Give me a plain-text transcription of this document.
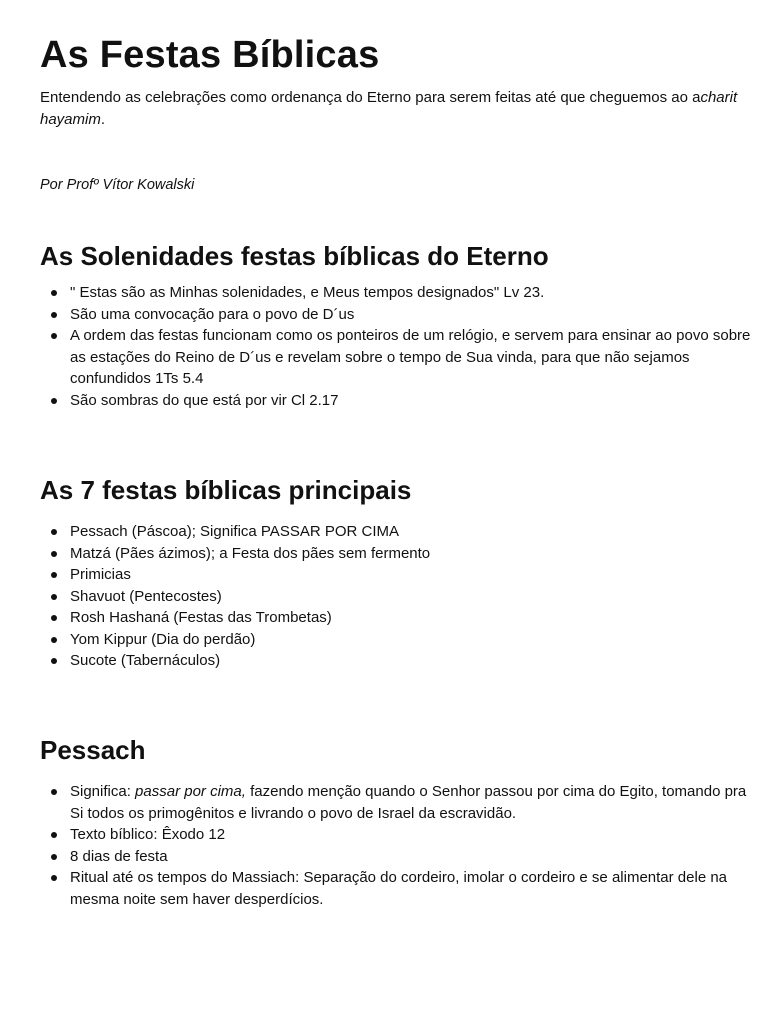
As Festas Bíblicas

Entendendo as celebrações como ordenança do Eterno para serem feitas até que cheguemos ao acharit hayamim.

Por Profº Vítor Kowalski

As Solenidades festas bíblicas do Eterno
" Estas são as Minhas solenidades, e Meus tempos designados" Lv 23.
São uma convocação para o povo de D´us
A ordem das festas funcionam como os ponteiros de um relógio, e servem para ensinar ao povo sobre as estações do Reino de D´us e revelam sobre o tempo de Sua vinda, para que não sejamos confundidos 1Ts 5.4
São sombras do que está por vir Cl 2.17
As 7 festas bíblicas principais
Pessach (Páscoa); Significa PASSAR POR CIMA
Matzá (Pães ázimos); a Festa dos pães sem fermento
Primicias
Shavuot (Pentecostes)
Rosh Hashaná (Festas das Trombetas)
Yom Kippur (Dia do perdão)
Sucote (Tabernáculos)
Pessach
Significa: passar por cima, fazendo menção quando o Senhor passou por cima do Egito, tomando pra Si todos os primogênitos e livrando o povo de Israel da escravidão.
Texto bíblico: Êxodo 12
8 dias de festa
Ritual até os tempos do Massiach: Separação do cordeiro, imolar o cordeiro e se alimentar dele na mesma noite sem haver desperdícios.
